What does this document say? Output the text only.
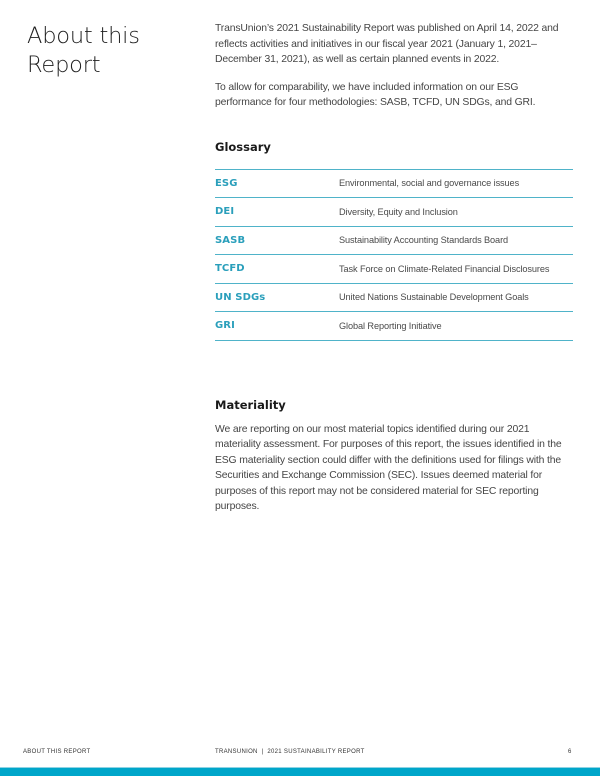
About this Report

TransUnion’s 2021 Sustainability Report was published on April 14, 2022 and reflects activities and initiatives in our fiscal year 2021 (January 1, 2021–December 31, 2021), as well as certain planned events in 2022.

To allow for comparability, we have included information on our ESG performance for four methodologies: SASB, TCFD, UN SDGs, and GRI.

Glossary
ESG	Environmental, social and governance issues
DEI	Diversity, Equity and Inclusion
SASB	Sustainability Accounting Standards Board
TCFD	Task Force on Climate-Related Financial Disclosures
UN SDGs	United Nations Sustainable Development Goals
GRI	Global Reporting Initiative
Materiality

We are reporting on our most material topics identified during our 2021 materiality assessment. For purposes of this report, the issues identified in the ESG materiality section could differ with the definitions used for filings with the Securities and Exchange Commission (SEC). Issues deemed material for purposes of this report may not be considered material for SEC reporting purposes.

ABOUT THIS REPORT	TRANSUNION  |  2021 SUSTAINABILITY REPORT	6
